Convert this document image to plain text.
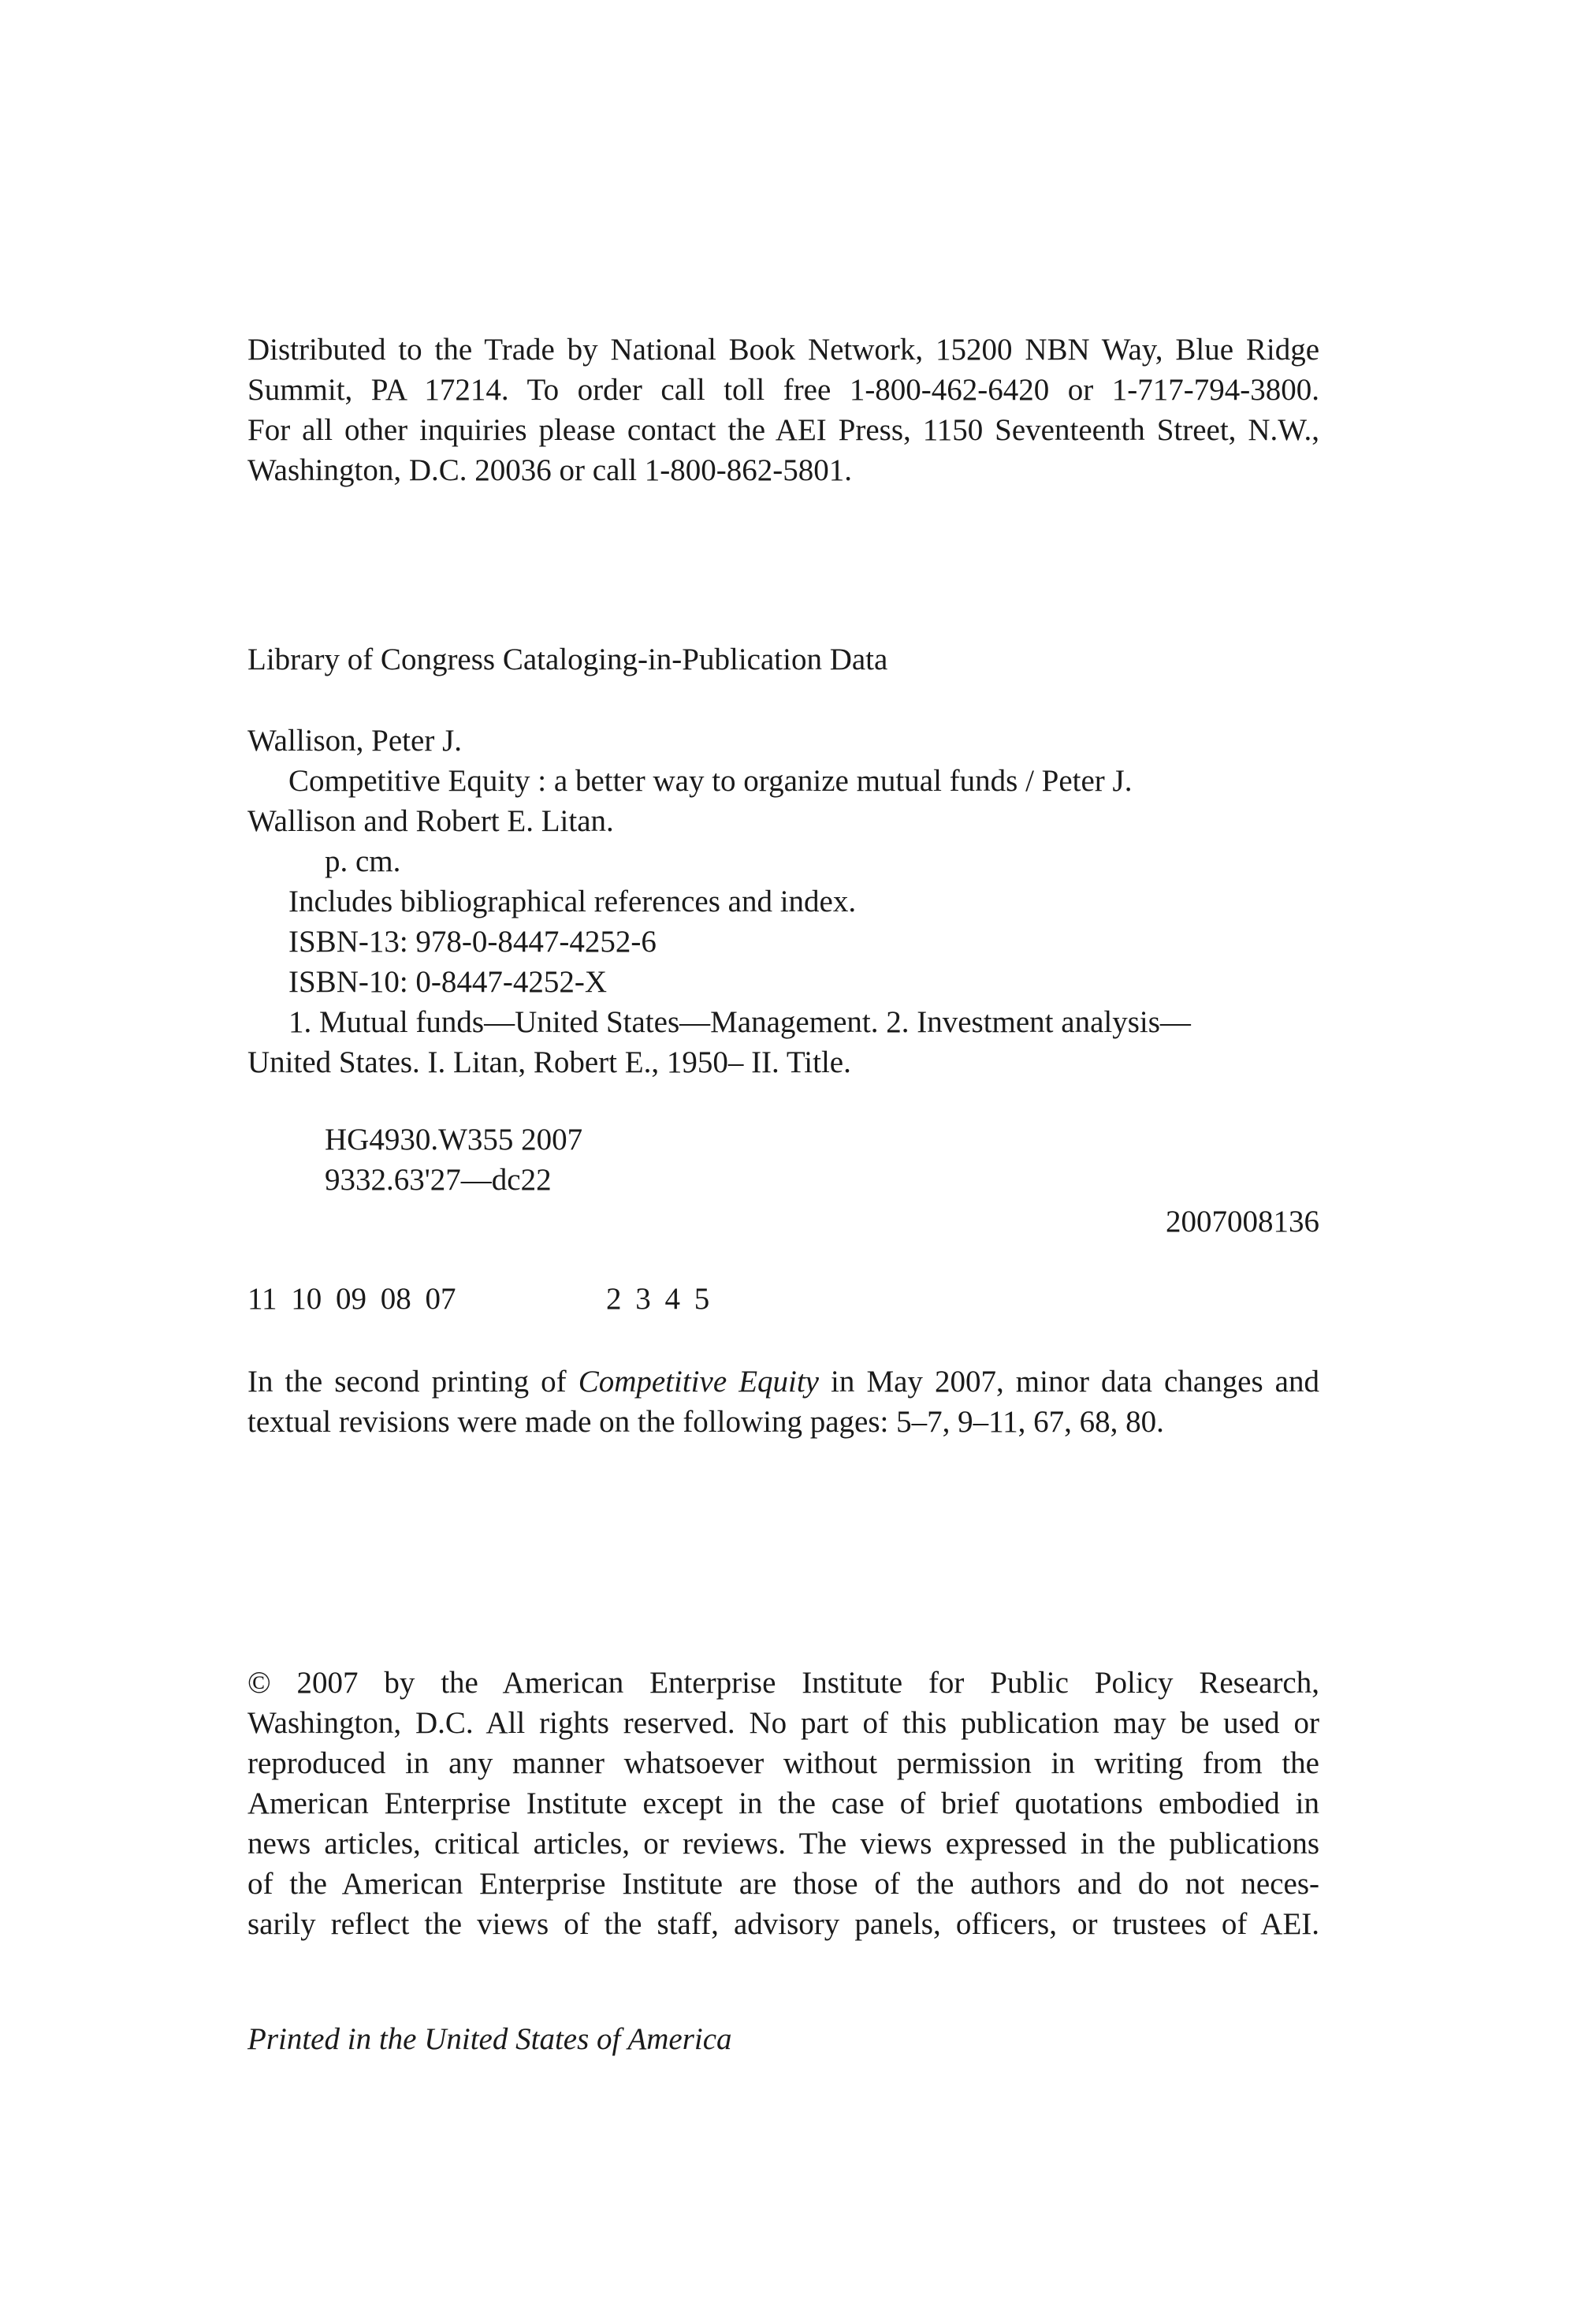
Distributed to the Trade by National Book Network, 15200 NBN Way, Blue Ridge
Summit, PA 17214. To order call toll free 1-800-462-6420 or 1-717-794-3800.
For all other inquiries please contact the AEI Press, 1150 Seventeenth Street, N.W.,
Washington, D.C. 20036 or call 1-800-862-5801.
Library of Congress Cataloging-in-Publication Data
Wallison, Peter J.
Competitive Equity : a better way to organize mutual funds / Peter J.
Wallison and Robert E. Litan.
p. cm.
Includes bibliographical references and index.
ISBN-13: 978-0-8447-4252-6
ISBN-10: 0-8447-4252-X
1. Mutual funds—United States—Management. 2. Investment analysis—
United States. I. Litan, Robert E., 1950– II. Title.
HG4930.W355 2007
9332.63'27—dc22
2007008136
11 10 09 08 07	2 3 4 5
In the second printing of Competitive Equity in May 2007, minor data changes and
textual revisions were made on the following pages: 5–7, 9–11, 67, 68, 80.
© 2007 by the American Enterprise Institute for Public Policy Research,
Washington, D.C. All rights reserved. No part of this publication may be used or
reproduced in any manner whatsoever without permission in writing from the
American Enterprise Institute except in the case of brief quotations embodied in
news articles, critical articles, or reviews. The views expressed in the publications
of the American Enterprise Institute are those of the authors and do not neces-
sarily reflect the views of the staff, advisory panels, officers, or trustees of AEI.
Printed in the United States of America
